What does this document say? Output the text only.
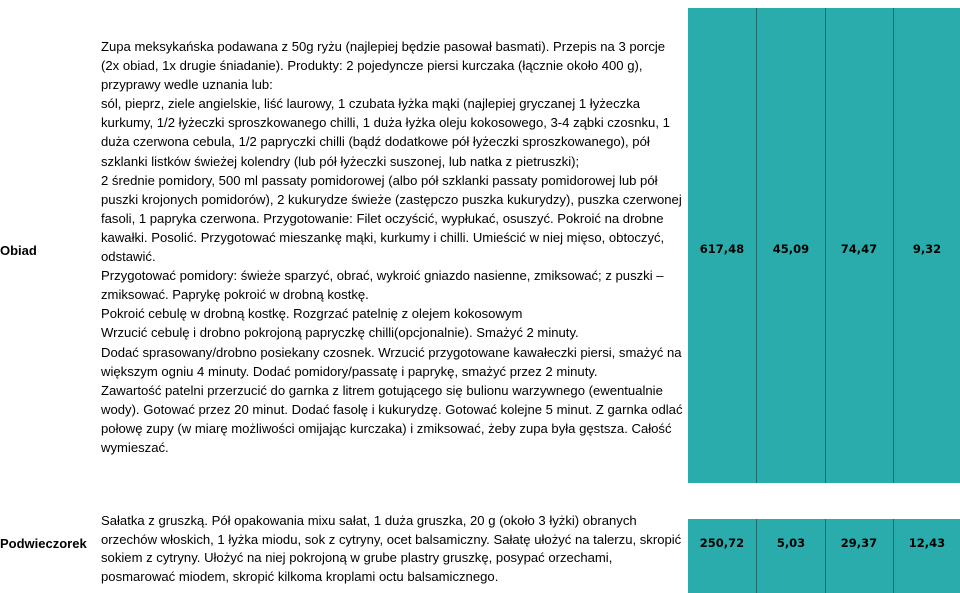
Obiad

Zupa meksykańska podawana z 50g ryżu (najlepiej będzie pasował basmati). Przepis na 3 porcje (2x obiad, 1x drugie śniadanie). Produkty: 2 pojedyncze piersi kurczaka (łącznie około 400 g), przyprawy wedle uznania lub:

sól, pieprz, ziele angielskie, liść laurowy, 1 czubata łyżka mąki (najlepiej gryczanej 1 łyżeczka kurkumy, 1/2 łyżeczki sproszkowanego chilli, 1 duża łyżka oleju kokosowego, 3-4 ząbki czosnku, 1 duża czerwona cebula, 1/2 papryczki chilli (bądź dodatkowe pół łyżeczki sproszkowanego), pół szklanki listków świeżej kolendry (lub pół łyżeczki suszonej, lub natka z pietruszki);

2 średnie pomidory, 500 ml passaty pomidorowej (albo pół szklanki passaty pomidorowej lub pół puszki krojonych pomidorów), 2 kukurydze świeże (zastępczo puszka kukurydzy), puszka czerwonej fasoli, 1 papryka czerwona. Przygotowanie: Filet oczyścić, wypłukać, osuszyć. Pokroić na drobne kawałki. Posolić. Przygotować mieszankę mąki, kurkumy i chilli. Umieścić w niej mięso, obtoczyć, odstawić.

Przygotować pomidory: świeże sparzyć, obrać, wykroić gniazdo nasienne, zmiksować; z puszki – zmiksować. Paprykę pokroić w drobną kostkę.

Pokroić cebulę w drobną kostkę. Rozgrzać patelnię z olejem kokosowym

Wrzucić cebulę i drobno pokrojoną papryczkę chilli(opcjonalnie). Smażyć 2 minuty.

Dodać sprasowany/drobno posiekany czosnek. Wrzucić przygotowane kawałeczki piersi, smażyć na większym ogniu 4 minuty. Dodać pomidory/passatę i paprykę, smażyć przez 2 minuty.

Zawartość patelni przerzucić do garnka z litrem gotującego się bulionu warzywnego (ewentualnie wody). Gotować przez 20 minut. Dodać fasolę i kukurydzę. Gotować kolejne 5 minut. Z garnka odlać połowę zupy (w miarę możliwości omijając kurczaka) i zmiksować, żeby zupa była gęstsza. Całość wymieszać.

617,48	45,09	74,47	9,32
Podwieczorek

Sałatka z gruszką. Pół opakowania mixu sałat, 1 duża gruszka, 20 g (około 3 łyżki) obranych orzechów włoskich, 1 łyżka miodu, sok z cytryny, ocet balsamiczny. Sałatę ułożyć na talerzu, skropić sokiem z cytryny. Ułożyć na niej pokrojoną w grube plastry gruszkę, posypać orzechami, posmarować miodem, skropić kilkoma kroplami octu balsamicznego.

250,72	5,03	29,37	12,43
